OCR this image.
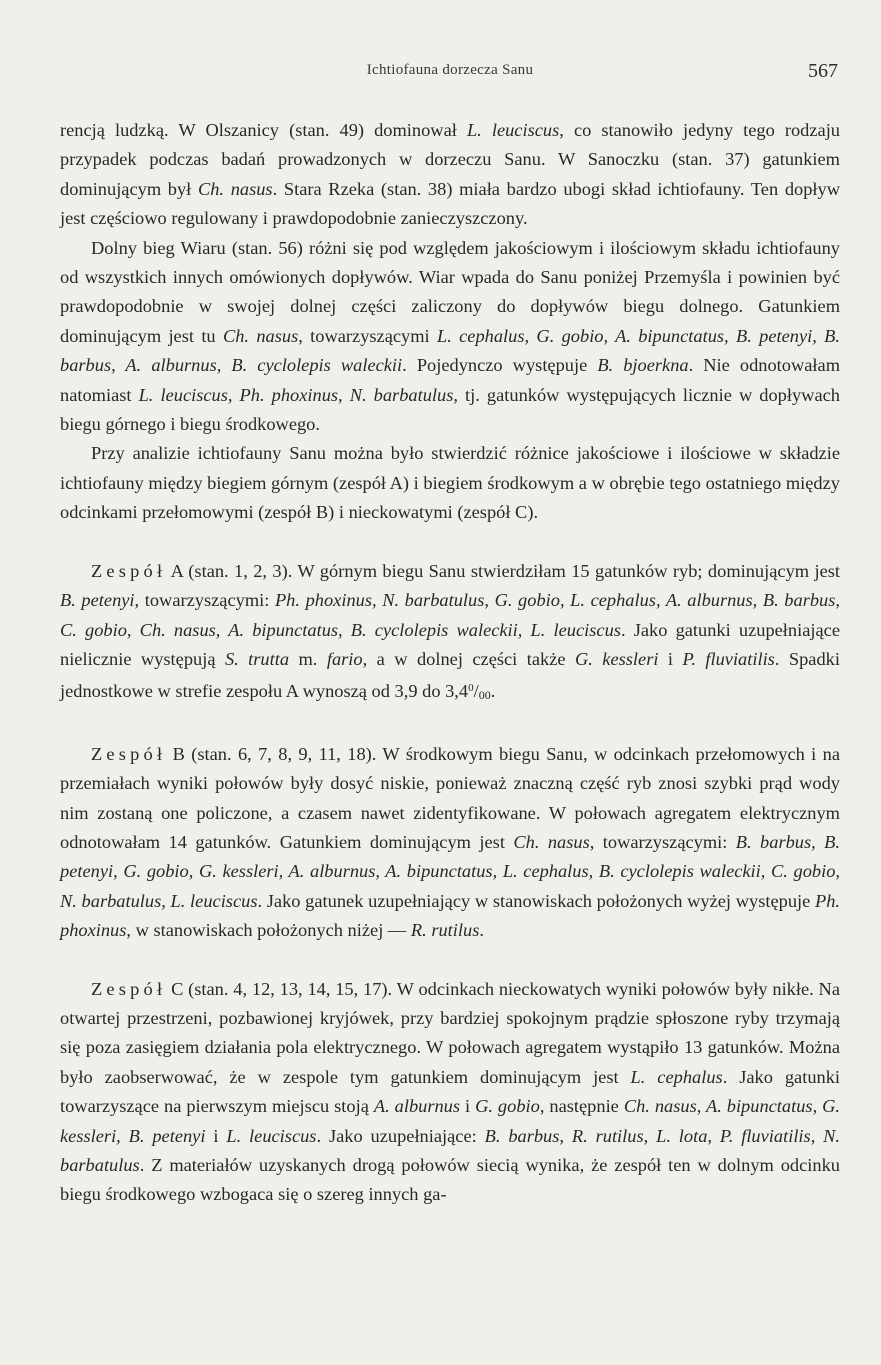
Ichtiofauna dorzecza Sanu	567

rencją ludzką. W Olszanicy (stan. 49) dominował L. leuciscus, co stanowiło jedyny tego rodzaju przypadek podczas badań prowadzonych w dorzeczu Sanu. W Sanoczku (stan. 37) gatunkiem dominującym był Ch. nasus. Stara Rzeka (stan. 38) miała bardzo ubogi skład ichtiofauny. Ten dopływ jest częściowo regulowany i prawdopodobnie zanieczyszczony.

Dolny bieg Wiaru (stan. 56) różni się pod względem jakościowym i ilościowym składu ichtiofauny od wszystkich innych omówionych dopływów. Wiar wpada do Sanu poniżej Przemyśla i powinien być prawdopodobnie w swojej dolnej części zaliczony do dopływów biegu dolnego. Gatunkiem dominującym jest tu Ch. nasus, towarzyszącymi L. cephalus, G. gobio, A. bipunctatus, B. petenyi, B. barbus, A. alburnus, B. cyclolepis waleckii. Pojedynczo występuje B. bjoerkna. Nie odnotowałam natomiast L. leuciscus, Ph. phoxinus, N. barbatulus, tj. gatunków występujących licznie w dopływach biegu górnego i biegu środkowego.

Przy analizie ichtiofauny Sanu można było stwierdzić różnice jakościowe i ilościowe w składzie ichtiofauny między biegiem górnym (zespół A) i biegiem środkowym a w obrębie tego ostatniego między odcinkami przełomowymi (zespół B) i nieckowatymi (zespół C).

Zespół A (stan. 1, 2, 3). W górnym biegu Sanu stwierdziłam 15 gatunków ryb; dominującym jest B. petenyi, towarzyszącymi: Ph. phoxinus, N. barbatulus, G. gobio, L. cephalus, A. alburnus, B. barbus, C. gobio, Ch. nasus, A. bipunctatus, B. cyclolepis waleckii, L. leuciscus. Jako gatunki uzupełniające nielicznie występują S. trutta m. fario, a w dolnej części także G. kessleri i P. fluviatilis. Spadki jednostkowe w strefie zespołu A wynoszą od 3,9 do $3,4^0/_{00}$.

Zespół B (stan. 6, 7, 8, 9, 11, 18). W środkowym biegu Sanu, w odcinkach przełomowych i na przemiałach wyniki połowów były dosyć niskie, ponieważ znaczną część ryb znosi szybki prąd wody nim zostaną one policzone, a czasem nawet zidentyfikowane. W połowach agregatem elektrycznym odnotowałam 14 gatunków. Gatunkiem dominującym jest Ch. nasus, towarzyszącymi: B. barbus, B. petenyi, G. gobio, G. kessleri, A. alburnus, A. bipunctatus, L. cephalus, B. cyclolepis waleckii, C. gobio, N. barbatulus, L. leuciscus. Jako gatunek uzupełniający w stanowiskach położonych wyżej występuje Ph. phoxinus, w stanowiskach położonych niżej — R. rutilus.

Zespół C (stan. 4, 12, 13, 14, 15, 17). W odcinkach nieckowatych wyniki połowów były nikłe. Na otwartej przestrzeni, pozbawionej kryjówek, przy bardziej spokojnym prądzie spłoszone ryby trzymają się poza zasięgiem działania pola elektrycznego. W połowach agregatem wystąpiło 13 gatunków. Można było zaobserwować, że w zespole tym gatunkiem dominującym jest L. cephalus. Jako gatunki towarzyszące na pierwszym miejscu stoją A. alburnus i G. gobio, następnie Ch. nasus, A. bipunctatus, G. kessleri, B. petenyi i L. leuciscus. Jako uzupełniające: B. barbus, R. rutilus, L. lota, P. fluviatilis, N. barbatulus. Z materiałów uzyskanych drogą połowów siecią wynika, że zespół ten w dolnym odcinku biegu środkowego wzbogaca się o szereg innych ga-
